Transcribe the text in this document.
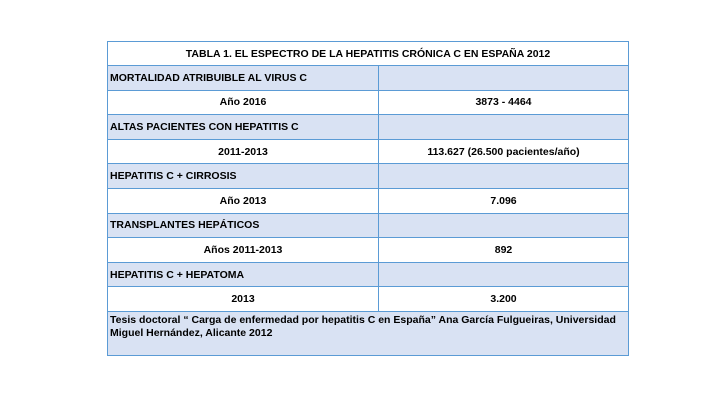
TABLA 1. EL ESPECTRO DE LA HEPATITIS CRÓNICA C EN ESPAÑA 2012	
MORTALIDAD ATRIBUIBLE AL VIRUS C	
Año 2016	3873 - 4464
ALTAS PACIENTES CON HEPATITIS C	
2011-2013	113.627 (26.500 pacientes/año)
HEPATITIS C + CIRROSIS	
Año 2013	7.096
TRANSPLANTES HEPÁTICOS	
Años 2011-2013	892
HEPATITIS C + HEPATOMA	
2013	3.200
Tesis doctoral “ Carga de enfermedad por hepatitis C en España” Ana García Fulgueiras, Universidad Miguel Hernández, Alicante 2012	
